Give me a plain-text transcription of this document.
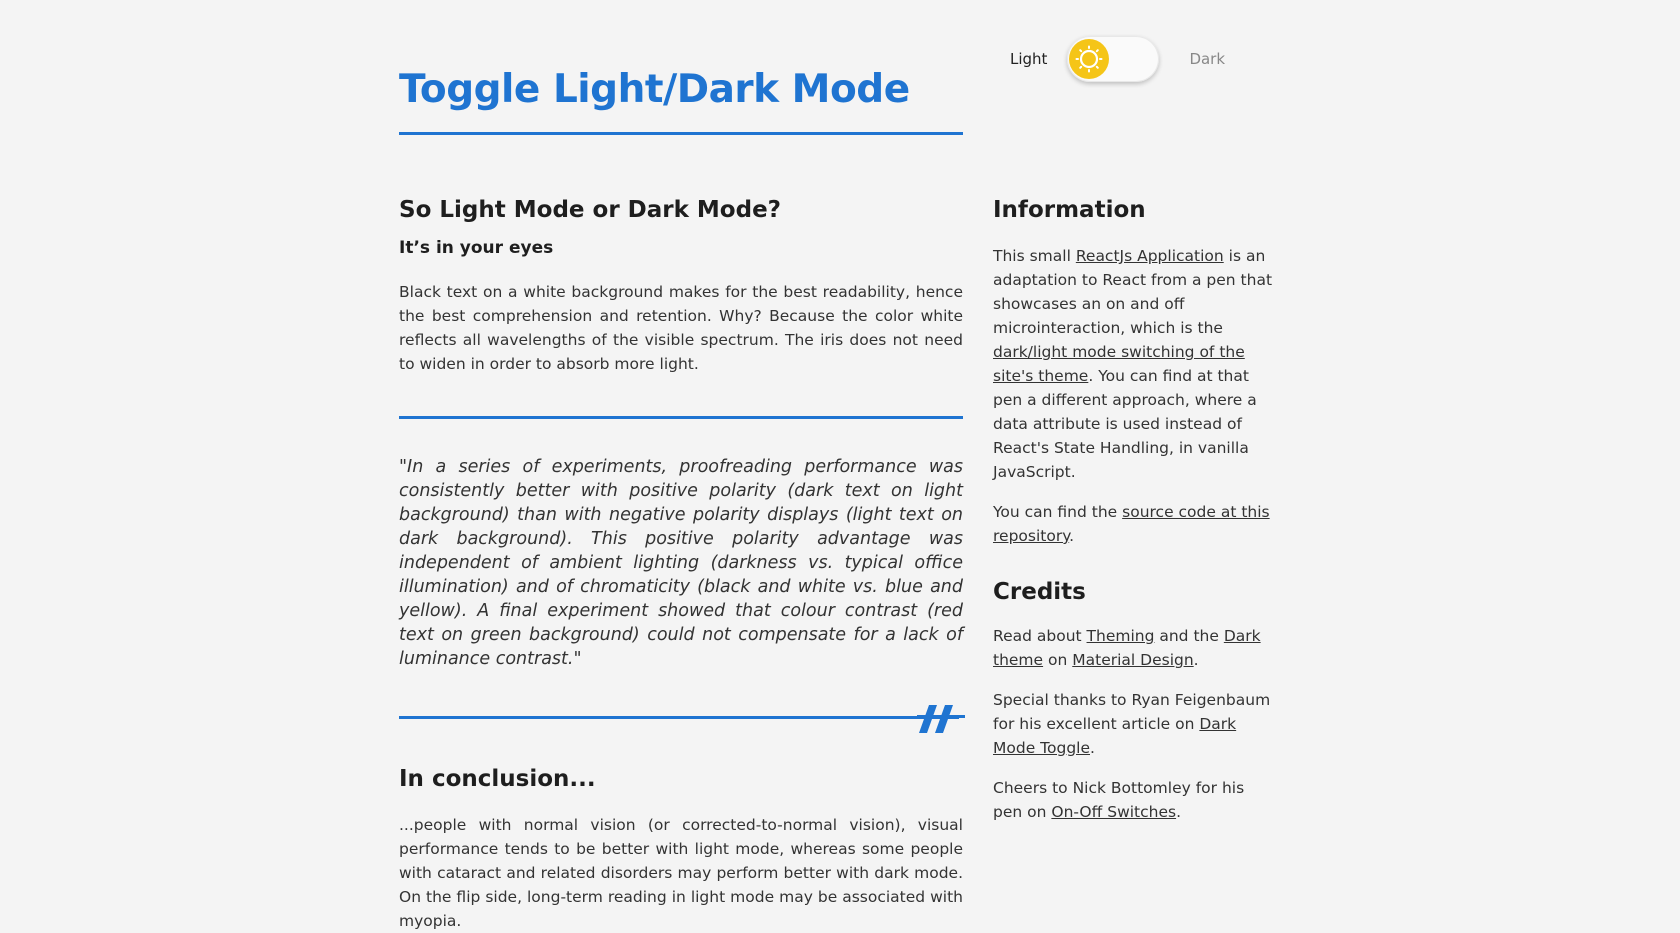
Toggle Light/Dark Mode
Light	Dark
So Light Mode or Dark Mode?
It’s in your eyes

Black text on a white background makes for the best readability, hence the best comprehension and retention. Why? Because the color white reflects all wavelengths of the visible spectrum. The iris does not need to widen in order to absorb more light.

"In a series of experiments, proofreading performance was consistently better with positive polarity (dark text on light background) than with negative polarity displays (light text on dark background). This positive polarity advantage was independent of ambient lighting (darkness vs. typical office illumination) and of chromaticity (black and white vs. blue and yellow). A final experiment showed that colour contrast (red text on green background) could not compensate for a lack of luminance contrast."

In conclusion...

...people with normal vision (or corrected-to-normal vision), visual performance tends to be better with light mode, whereas some people with cataract and related disorders may perform better with dark mode. On the flip side, long-term reading in light mode may be associated with myopia.

Information

This small ReactJs Application is an adaptation to React from a pen that showcases an on and off microinteraction, which is the dark/light mode switching of the site's theme. You can find at that pen a different approach, where a data attribute is used instead of React's State Handling, in vanilla JavaScript.

You can find the source code at this repository.

Credits

Read about Theming and the Dark theme on Material Design.

Special thanks to Ryan Feigenbaum for his excellent article on Dark Mode Toggle.

Cheers to Nick Bottomley for his pen on On-Off Switches.
